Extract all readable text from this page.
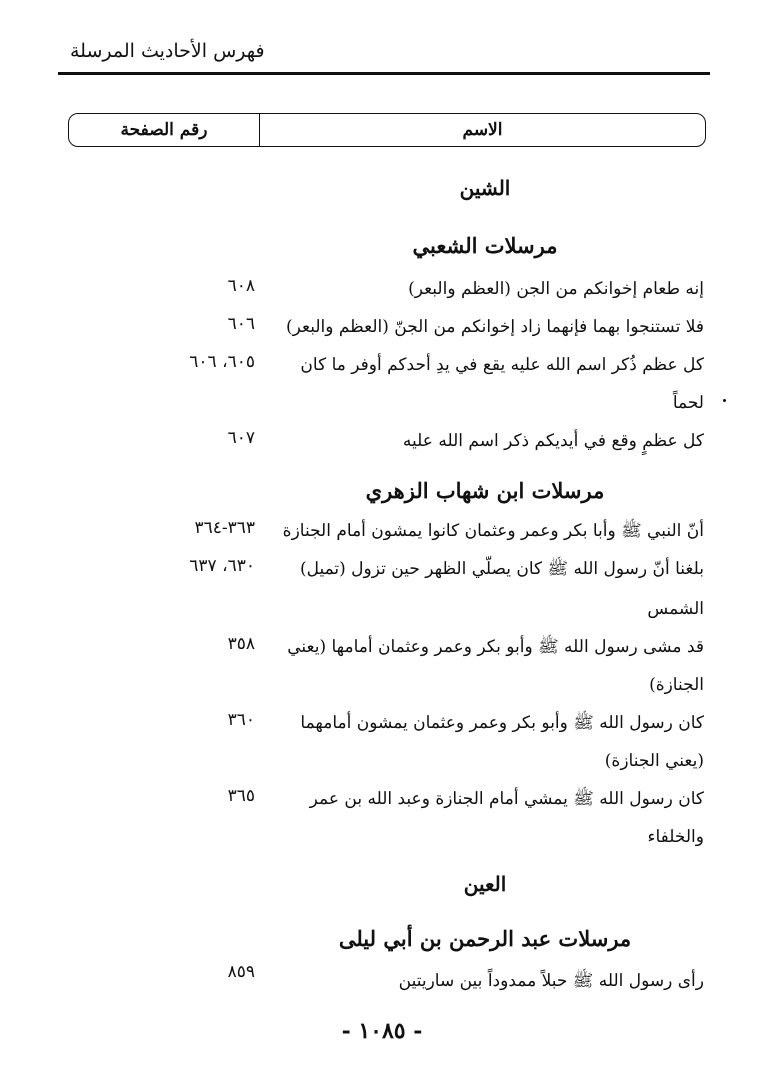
فهرس الأحاديث المرسلة
رقم الصفحة	الاسم
الشين
مرسلات الشعبي
إنه طعام إخوانكم من الجن (العظم والبعر)
٦٠٨
فلا تستنجوا بهما فإنهما زاد إخوانكم من الجنّ (العظم والبعر)
٦٠٦
كل عظم ذُكر اسم الله عليه يقع في يدِ أحدكم أوفر ما كان
٦٠٥، ٦٠٦
لحماً
كل عظمٍ وقع في أيديكم ذكر اسم الله عليه
٦٠٧
مرسلات ابن شهاب الزهري
أنّ النبي ﷺ وأبا بكر وعمر وعثمان كانوا يمشون أمام الجنازة
٣٦٣-٣٦٤
بلغنا أنّ رسول الله ﷺ كان يصلّي الظهر حين تزول (تميل)
٦٣٠، ٦٣٧
الشمس
قد مشى رسول الله ﷺ وأبو بكر وعمر وعثمان أمامها (يعني
٣٥٨
الجنازة)
كان رسول الله ﷺ وأبو بكر وعمر وعثمان يمشون أمامهما
٣٦٠
(يعني الجنازة)
كان رسول الله ﷺ يمشي أمام الجنازة وعبد الله بن عمر
٣٦٥
والخلفاء
العين
مرسلات عبد الرحمن بن أبي ليلى
رأى رسول الله ﷺ حبلاً ممدوداً بين ساريتين
٨٥٩
- ١٠٨٥ -
